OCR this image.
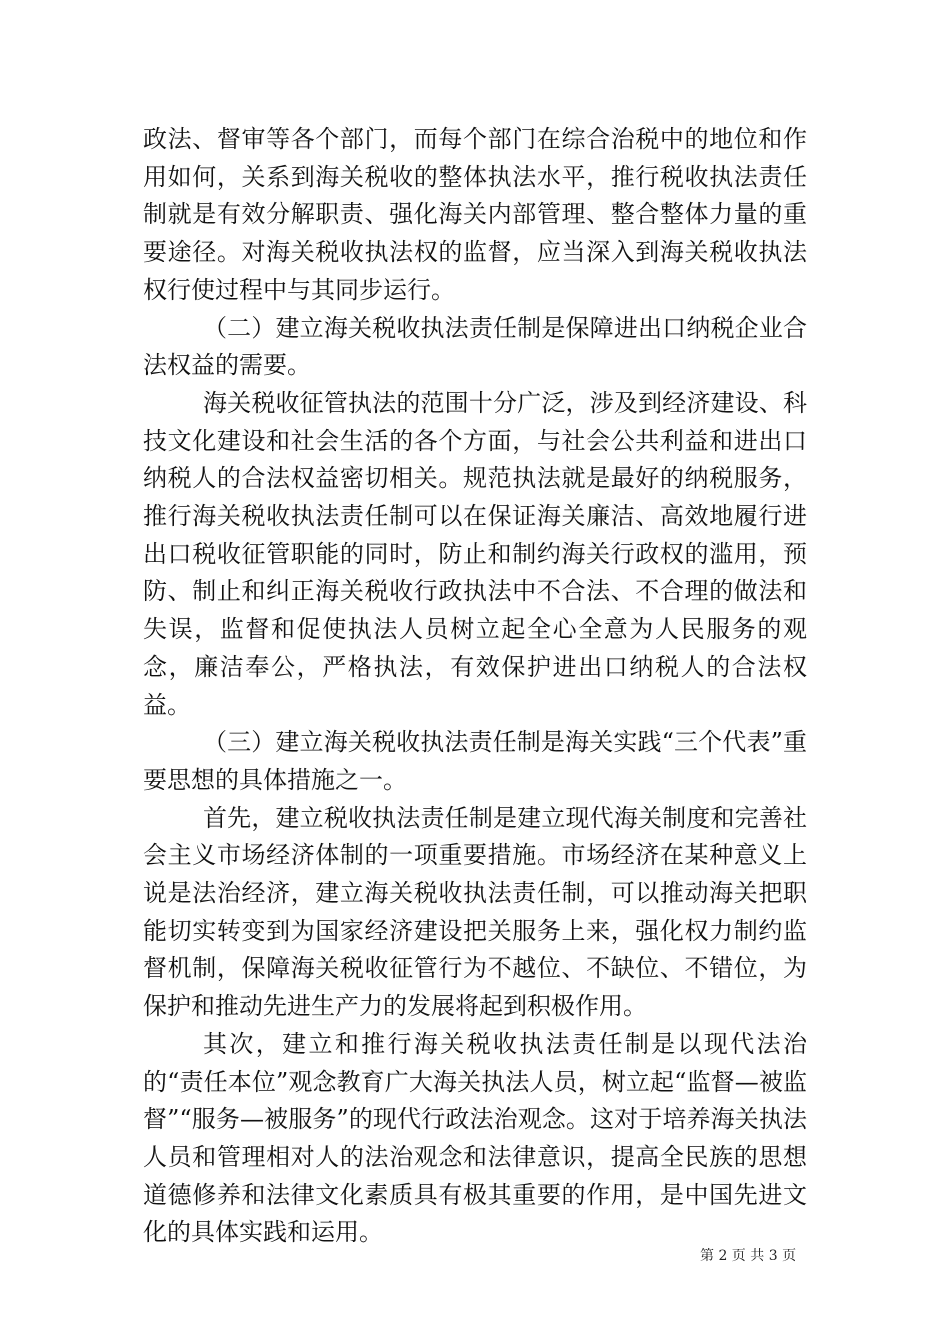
政法、督审等各个部门，而每个部门在综合治税中的地位和作用如何，关系到海关税收的整体执法水平，推行税收执法责任制就是有效分解职责、强化海关内部管理、整合整体力量的重要途径。对海关税收执法权的监督，应当深入到海关税收执法权行使过程中与其同步运行。

（二）建立海关税收执法责任制是保障进出口纳税企业合法权益的需要。

海关税收征管执法的范围十分广泛，涉及到经济建设、科技文化建设和社会生活的各个方面，与社会公共利益和进出口纳税人的合法权益密切相关。规范执法就是最好的纳税服务，推行海关税收执法责任制可以在保证海关廉洁、高效地履行进出口税收征管职能的同时，防止和制约海关行政权的滥用，预防、制止和纠正海关税收行政执法中不合法、不合理的做法和失误，监督和促使执法人员树立起全心全意为人民服务的观念，廉洁奉公，严格执法，有效保护进出口纳税人的合法权益。

（三）建立海关税收执法责任制是海关实践“三个代表”重要思想的具体措施之一。

首先，建立税收执法责任制是建立现代海关制度和完善社会主义市场经济体制的一项重要措施。市场经济在某种意义上说是法治经济，建立海关税收执法责任制，可以推动海关把职能切实转变到为国家经济建设把关服务上来，强化权力制约监督机制，保障海关税收征管行为不越位、不缺位、不错位，为保护和推动先进生产力的发展将起到积极作用。

其次，建立和推行海关税收执法责任制是以现代法治的“责任本位”观念教育广大海关执法人员，树立起“监督—被监督”“服务—被服务”的现代行政法治观念。这对于培养海关执法人员和管理相对人的法治观念和法律意识，提高全民族的思想道德修养和法律文化素质具有极其重要的作用，是中国先进文化的具体实践和运用。

第 2 页 共 3 页
